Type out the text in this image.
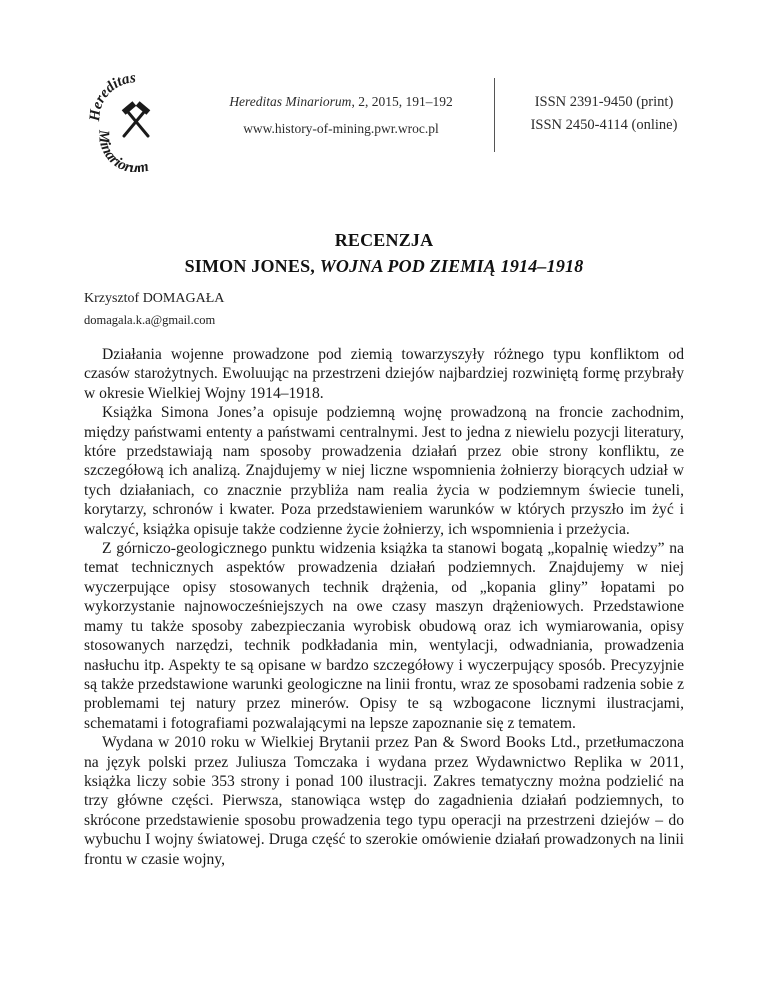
Hereditas
Minariorum
Hereditas Minariorum, 2, 2015, 191–192
www.history-of-mining.pwr.wroc.pl
ISSN 2391-9450 (print)
ISSN 2450-4114 (online)
RECENZJA
SIMON JONES, WOJNA POD ZIEMIĄ 1914–1918
Krzysztof DOMAGAŁA
domagala.k.a@gmail.com

Działania wojenne prowadzone pod ziemią towarzyszyły różnego typu konfliktom od czasów starożytnych. Ewoluując na przestrzeni dziejów najbardziej rozwiniętą formę przybrały w okresie Wielkiej Wojny 1914–1918.

Książka Simona Jones’a opisuje podziemną wojnę prowadzoną na froncie zachodnim, między państwami ententy a państwami centralnymi. Jest to jedna z niewielu pozycji literatury, które przedstawiają nam sposoby prowadzenia działań przez obie strony konfliktu, ze szczegółową ich analizą. Znajdujemy w niej liczne wspomnienia żołnierzy biorących udział w tych działaniach, co znacznie przybliża nam realia życia w podziemnym świecie tuneli, korytarzy, schronów i kwater. Poza przedstawieniem warunków w których przyszło im żyć i walczyć, książka opisuje także codzienne życie żołnierzy, ich wspomnienia i przeżycia.

Z górniczo-geologicznego punktu widzenia książka ta stanowi bogatą „kopalnię wiedzy” na temat technicznych aspektów prowadzenia działań podziemnych. Znajdujemy w niej wyczerpujące opisy stosowanych technik drążenia, od „kopania gliny” łopatami po wykorzystanie najnowocześniejszych na owe czasy maszyn drążeniowych. Przedstawione mamy tu także sposoby zabezpieczania wyrobisk obudową oraz ich wymiarowania, opisy stosowanych narzędzi, technik podkładania min, wentylacji, odwadniania, prowadzenia nasłuchu itp. Aspekty te są opisane w bardzo szczegółowy i wyczerpujący sposób. Precyzyjnie są także przedstawione warunki geologiczne na linii frontu, wraz ze sposobami radzenia sobie z problemami tej natury przez minerów. Opisy te są wzbogacone licznymi ilustracjami, schematami i fotografiami pozwalającymi na lepsze zapoznanie się z tematem.

Wydana w 2010 roku w Wielkiej Brytanii przez Pan & Sword Books Ltd., przetłumaczona na język polski przez Juliusza Tomczaka i wydana przez Wydawnictwo Replika w 2011, książka liczy sobie 353 strony i ponad 100 ilustracji. Zakres tematyczny można podzielić na trzy główne części. Pierwsza, stanowiąca wstęp do zagadnienia działań podziemnych, to skrócone przedstawienie sposobu prowadzenia tego typu operacji na przestrzeni dziejów – do wybuchu I wojny światowej. Druga część to szerokie omówienie działań prowadzonych na linii frontu w czasie wojny,
